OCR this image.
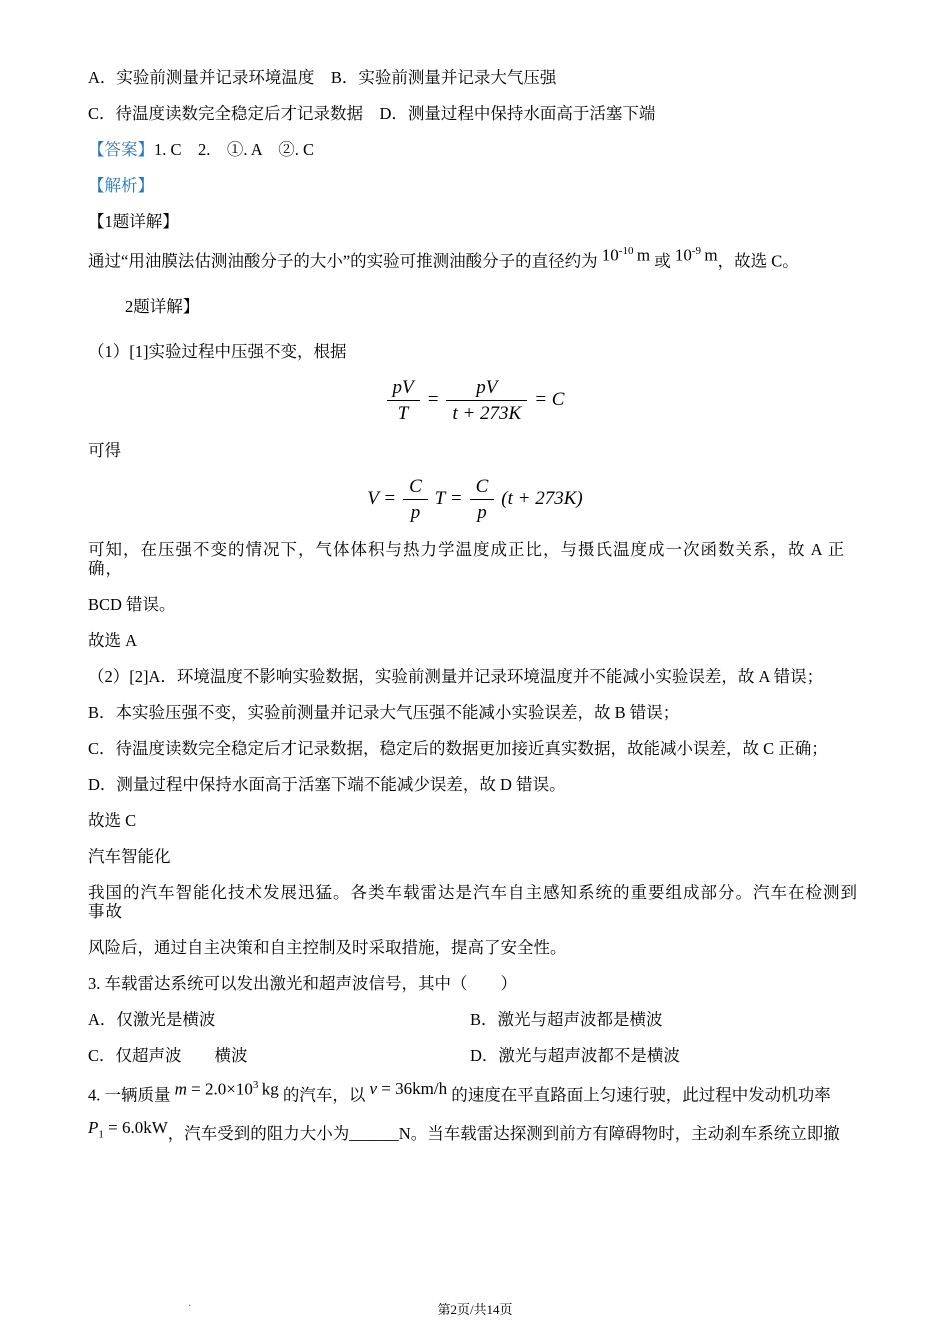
A．实验前测量并记录环境温度　B．实验前测量并记录大气压强

C．待温度读数完全稳定后才记录数据　D．测量过程中保持水面高于活塞下端

【答案】1. C　2.　①. A　②. C

【解析】

【1题详解】

通过“用油膜法估测油酸分子的大小”的实验可推测油酸分子的直径约为 $10^{-10}$  m 或 $10^{-9}$  m，故选 C。

2题详解】

（1）[1]实验过程中压强不变，根据

$\frac{pV}{T} = \frac{pV}{t + 273K} = C$

可得

$V = \frac{C}{p}$ $T = \frac{C}{p} (t + 273K)$

可知，在压强不变的情况下，气体体积与热力学温度成正比，与摄氏温度成一次函数关系，故 A 正确，

BCD 错误。

故选 A

（2）[2]A．环境温度不影响实验数据，实验前测量并记录环境温度并不能减小实验误差，故 A 错误；

B．本实验压强不变，实验前测量并记录大气压强不能减小实验误差，故 B 错误；

C．待温度读数完全稳定后才记录数据，稳定后的数据更加接近真实数据，故能减小误差，故 C 正确；

D．测量过程中保持水面高于活塞下端不能减少误差，故 D 错误。

故选 C

汽车智能化

我国的汽车智能化技术发展迅猛。各类车载雷达是汽车自主感知系统的重要组成部分。汽车在检测到事故

风险后，通过自主决策和自主控制及时采取措施，提高了安全性。

3. 车载雷达系统可以发出激光和超声波信号，其中（　　）

A．仅激光是横波	B．激光与超声波都是横波
C．仅超声波　　横波	D．激光与超声波都不是横波

4. 一辆质量 $m = 2.0\times 10^3$  kg 的汽车，以 v = 36km/h 的速度在平直路面上匀速行驶，此过程中发动机功率

$P_1 = 6.0kW$，汽车受到的阻力大小为______N。当车载雷达探测到前方有障碍物时，主动刹车系统立即撤

·	第2页/共14页
